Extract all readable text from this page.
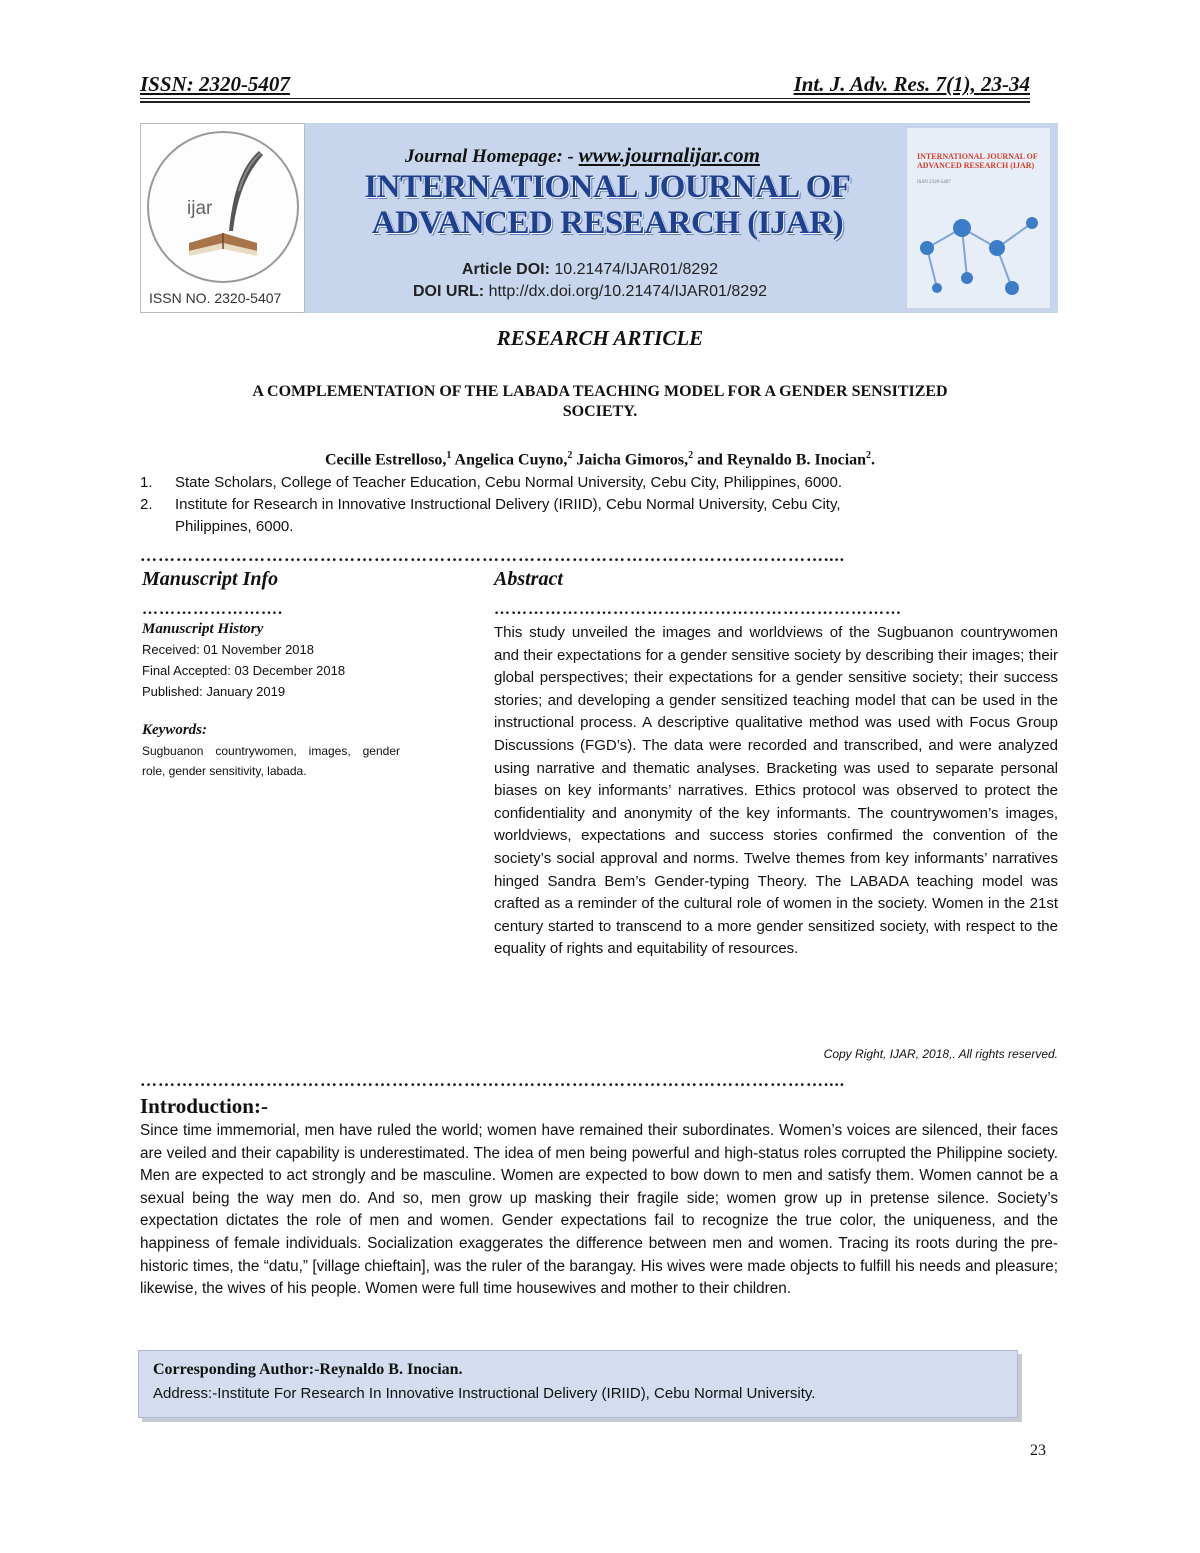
ISSN: 2320-5407	Int. J. Adv. Res. 7(1), 23-34
ijar
ISSN NO. 2320-5407
Journal Homepage: - www.journalijar.com
INTERNATIONAL JOURNAL OF
ADVANCED RESEARCH (IJAR)
Article DOI: 10.21474/IJAR01/8292
DOI URL: http://dx.doi.org/10.21474/IJAR01/8292
INTERNATIONAL JOURNAL OF ADVANCED RESEARCH (IJAR)
ISSN 2320-5407
RESEARCH ARTICLE
A COMPLEMENTATION OF THE LABADA TEACHING MODEL FOR A GENDER SENSITIZED
SOCIETY.
Cecille Estrelloso,$^1$ Angelica Cuyno,$^2$ Jaicha Gimoros,$^2$ and Reynaldo B. Inocian$^2$.
1. State Scholars, College of Teacher Education, Cebu Normal University, Cebu City, Philippines, 6000.
2. Institute for Research in Innovative Instructional Delivery (IRIID), Cebu Normal University, Cebu City,
Philippines, 6000.
……………………………………………………………………………………………………....
Manuscript Info
…………………….
Manuscript History
Received: 01 November 2018
Final Accepted: 03 December 2018
Published: January 2019
Keywords:
Sugbuanon countrywomen, images, gender role, gender sensitivity, labada.
Abstract
………………………………………………………………
This study unveiled the images and worldviews of the Sugbuanon countrywomen and their expectations for a gender sensitive society by describing their images; their global perspectives; their expectations for a gender sensitive society; their success stories; and developing a gender sensitized teaching model that can be used in the instructional process. A descriptive qualitative method was used with Focus Group Discussions (FGD’s). The data were recorded and transcribed, and were analyzed using narrative and thematic analyses. Bracketing was used to separate personal biases on key informants’ narratives. Ethics protocol was observed to protect the confidentiality and anonymity of the key informants. The countrywomen’s images, worldviews, expectations and success stories confirmed the convention of the society’s social approval and norms. Twelve themes from key informants’ narratives hinged Sandra Bem’s Gender-typing Theory. The LABADA teaching model was crafted as a reminder of the cultural role of women in the society. Women in the 21st century started to transcend to a more gender sensitized society, with respect to the equality of rights and equitability of resources.
Copy Right, IJAR, 2018,. All rights reserved.
……………………………………………………………………………………………………....
Introduction:-
Since time immemorial, men have ruled the world; women have remained their subordinates. Women’s voices are silenced, their faces are veiled and their capability is underestimated. The idea of men being powerful and high-status roles corrupted the Philippine society. Men are expected to act strongly and be masculine. Women are expected to bow down to men and satisfy them. Women cannot be a sexual being the way men do. And so, men grow up masking their fragile side; women grow up in pretense silence. Society’s expectation dictates the role of men and women. Gender expectations fail to recognize the true color, the uniqueness, and the happiness of female individuals. Socialization exaggerates the difference between men and women. Tracing its roots during the pre-historic times, the “datu,” [village chieftain], was the ruler of the barangay. His wives were made objects to fulfill his needs and pleasure; likewise, the wives of his people. Women were full time housewives and mother to their children.
Corresponding Author:-Reynaldo B. Inocian.
Address:-Institute For Research In Innovative Instructional Delivery (IRIID), Cebu Normal University.
23
